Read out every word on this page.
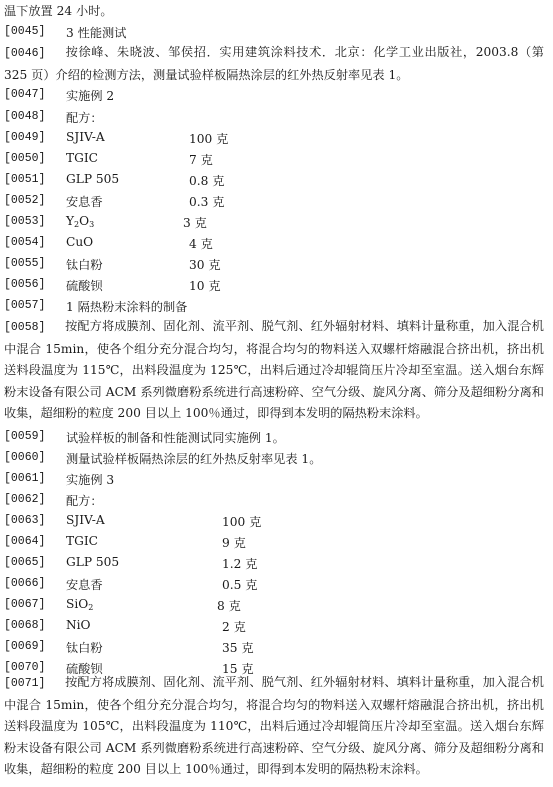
温下放置 24 小时。
[0045] 3 性能测试
[0046] 按徐峰、朱晓波、邹侯招．实用建筑涂料技术．北京：化学工业出版社，2003.8（第 325 页）介绍的检测方法，测量试验样板隔热涂层的红外热反射率见表 1。
[0047] 实施例 2
[0048] 配方：
[0049] SJIV-A	100 克
[0050] TGIC	7 克
[0051] GLP 505	0.8 克
[0052] 安息香	0.3 克
[0053] $Y_2O_3$	3 克
[0054] CuO	4 克
[0055] 钛白粉	30 克
[0056] 硫酸钡	10 克
[0057] 1 隔热粉末涂料的制备
[0058] 按配方将成膜剂、固化剂、流平剂、脱气剂、红外辐射材料、填料计量称重，加入混合机中混合 15min，使各个组分充分混合均匀，将混合均匀的物料送入双螺杆熔融混合挤出机，挤出机送料段温度为 115℃，出料段温度为 125℃，出料后通过冷却辊筒压片冷却至室温。送入烟台东辉粉末设备有限公司 ACM 系列微磨粉系统进行高速粉碎、空气分级、旋风分离、筛分及超细粉分离和收集，超细粉的粒度 200 目以上 100％通过，即得到本发明的隔热粉末涂料。
[0059] 试验样板的制备和性能测试同实施例 1。
[0060] 测量试验样板隔热涂层的红外热反射率见表 1。
[0061] 实施例 3
[0062] 配方：
[0063] SJIV-A	100 克
[0064] TGIC	9 克
[0065] GLP 505	1.2 克
[0066] 安息香	0.5 克
[0067] SiO$_2$	8 克
[0068] NiO	2 克
[0069] 钛白粉	35 克
[0070] 硫酸钡	15 克
[0071] 按配方将成膜剂、固化剂、流平剂、脱气剂、红外辐射材料、填料计量称重，加入混合机中混合 15min，使各个组分充分混合均匀，将混合均匀的物料送入双螺杆熔融混合挤出机，挤出机送料段温度为 105℃，出料段温度为 110℃，出料后通过冷却辊筒压片冷却至室温。送入烟台东辉粉末设备有限公司 ACM 系列微磨粉系统进行高速粉碎、空气分级、旋风分离、筛分及超细粉分离和收集，超细粉的粒度 200 目以上 100％通过，即得到本发明的隔热粉末涂料。
